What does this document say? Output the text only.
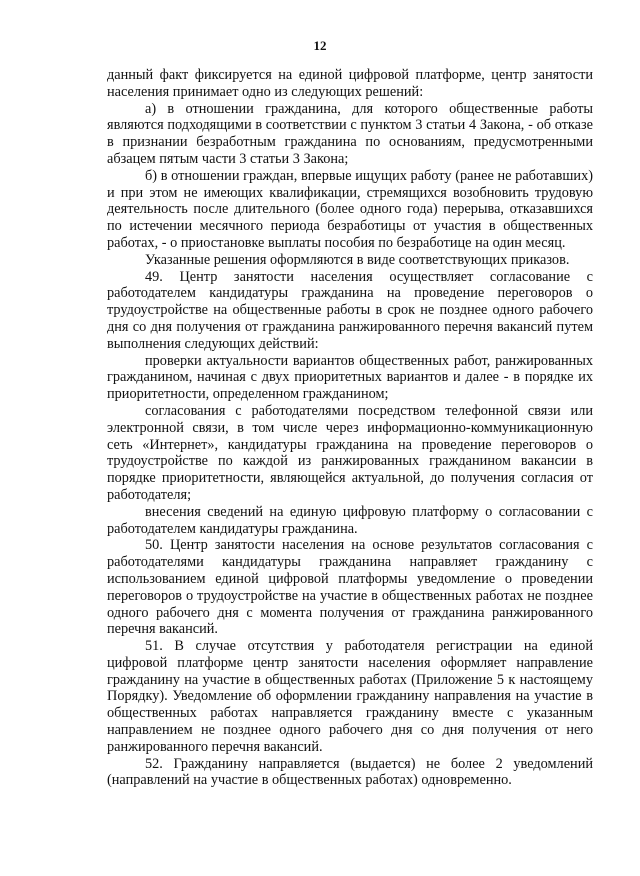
12

данный факт фиксируется на единой цифровой платформе, центр занятости населения принимает одно из следующих решений:

а) в отношении гражданина, для которого общественные работы являются подходящими в соответствии с пунктом 3 статьи 4 Закона, - об отказе в признании безработным гражданина по основаниям, предусмотренными абзацем пятым части 3 статьи 3 Закона;

б) в отношении граждан, впервые ищущих работу (ранее не работавших) и при этом не имеющих квалификации, стремящихся возобновить трудовую деятельность после длительного (более одного года) перерыва, отказавшихся по истечении месячного периода безработицы от участия в общественных работах, - о приостановке выплаты пособия по безработице на один месяц.

Указанные решения оформляются в виде соответствующих приказов.

49. Центр занятости населения осуществляет согласование с работодателем кандидатуры гражданина на проведение переговоров о трудоустройстве на общественные работы в срок не позднее одного рабочего дня со дня получения от гражданина ранжированного перечня вакансий путем выполнения следующих действий:

проверки актуальности вариантов общественных работ, ранжированных гражданином, начиная с двух приоритетных вариантов и далее - в порядке их приоритетности, определенном гражданином;

согласования с работодателями посредством телефонной связи или электронной связи, в том числе через информационно-коммуникационную сеть «Интернет», кандидатуры гражданина на проведение переговоров о трудоустройстве по каждой из ранжированных гражданином вакансии в порядке приоритетности, являющейся актуальной, до получения согласия от работодателя;

внесения сведений на единую цифровую платформу о согласовании с работодателем кандидатуры гражданина.

50. Центр занятости населения на основе результатов согласования с работодателями кандидатуры гражданина направляет гражданину с использованием единой цифровой платформы уведомление о проведении переговоров о трудоустройстве на участие в общественных работах не позднее одного рабочего дня с момента получения от гражданина ранжированного перечня вакансий.

51. В случае отсутствия у работодателя регистрации на единой цифровой платформе центр занятости населения оформляет направление гражданину на участие в общественных работах (Приложение 5 к настоящему Порядку). Уведомление об оформлении гражданину направления на участие в общественных работах направляется гражданину вместе с указанным направлением не позднее одного рабочего дня со дня получения от него ранжированного перечня вакансий.

52. Гражданину направляется (выдается) не более 2 уведомлений (направлений на участие в общественных работах) одновременно.
